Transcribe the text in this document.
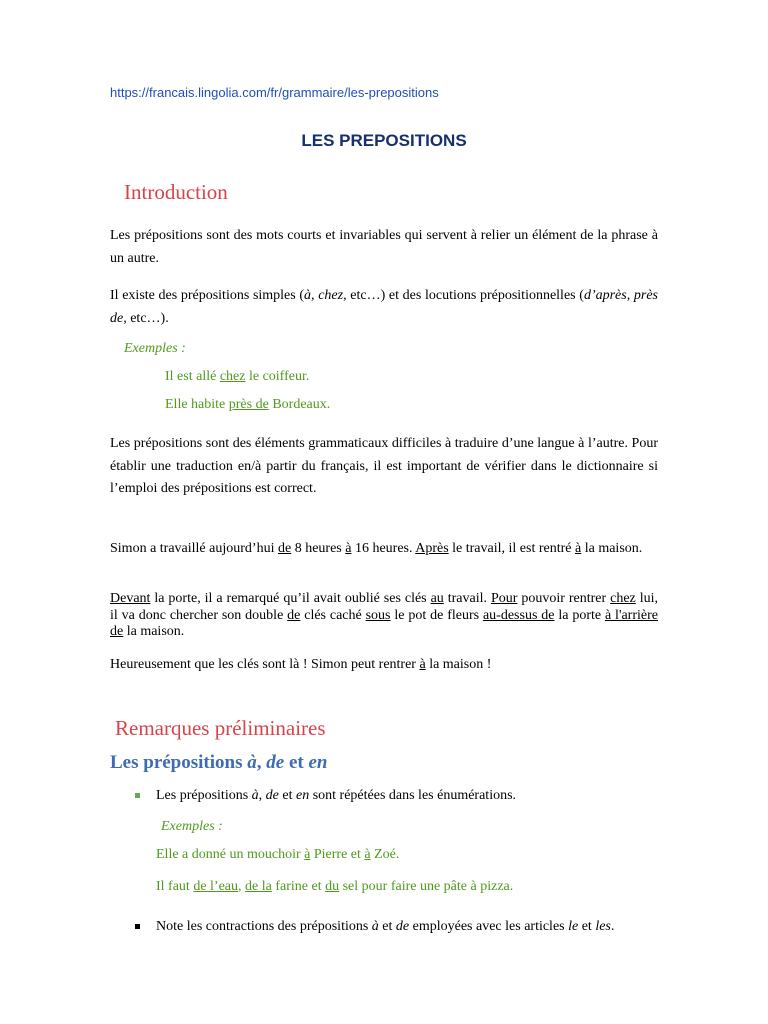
https://francais.lingolia.com/fr/grammaire/les-prepositions
LES PREPOSITIONS
Introduction
Les prépositions sont des mots courts et invariables qui servent à relier un élément de la phrase à un autre.
Il existe des prépositions simples (à, chez, etc…) et des locutions prépositionnelles (d’après, près de, etc…).
Exemples :
Il est allé chez le coiffeur.
Elle habite près de Bordeaux.
Les prépositions sont des éléments grammaticaux difficiles à traduire d’une langue à l’autre. Pour établir une traduction en/à partir du français, il est important de vérifier dans le dictionnaire si l’emploi des prépositions est correct.
Simon a travaillé aujourd’hui de 8 heures à 16 heures. Après le travail, il est rentré à la maison.
Devant la porte, il a remarqué qu’il avait oublié ses clés au travail. Pour pouvoir rentrer chez lui, il va donc chercher son double de clés caché sous le pot de fleurs au-dessus de la porte à l'arrière de la maison.
Heureusement que les clés sont là ! Simon peut rentrer à la maison !
Remarques préliminaires
Les prépositions à, de et en
Les prépositions à, de et en sont répétées dans les énumérations.
Exemples :
Elle a donné un mouchoir à Pierre et à Zoé.
Il faut de l’eau, de la farine et du sel pour faire une pâte à pizza.
Note les contractions des prépositions à et de employées avec les articles le et les.
